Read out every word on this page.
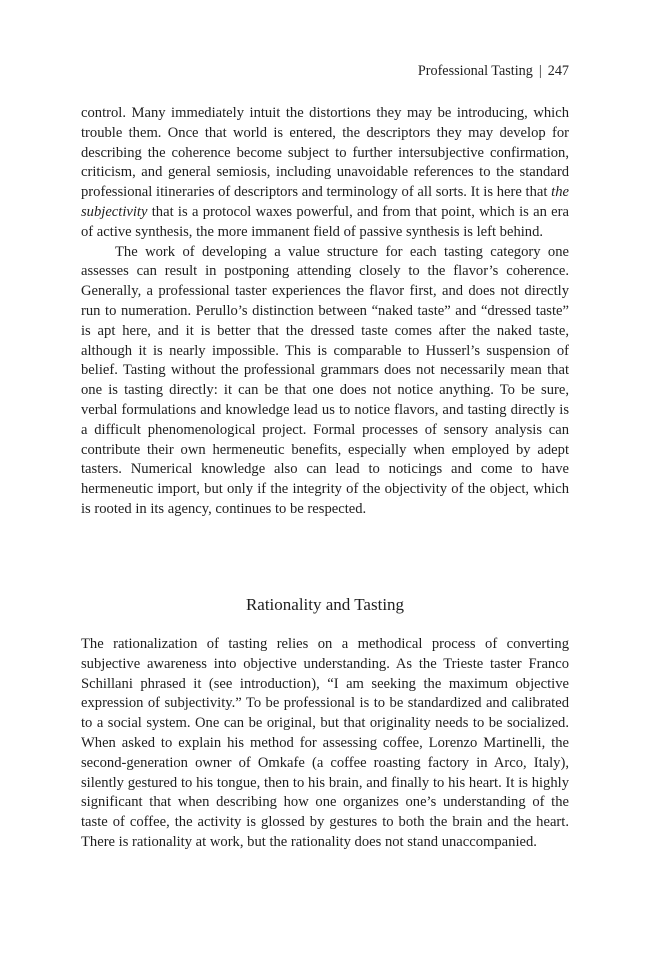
Professional Tasting | 247

control. Many immediately intuit the distortions they may be introducing, which trouble them. Once that world is entered, the descriptors they may develop for describing the coherence become subject to further intersubjective confirmation, criticism, and general semiosis, including unavoidable references to the standard professional itineraries of descriptors and terminology of all sorts. It is here that the subjectivity that is a protocol waxes powerful, and from that point, which is an era of active synthesis, the more immanent field of passive synthesis is left behind.

The work of developing a value structure for each tasting category one assesses can result in postponing attending closely to the flavor’s coherence. Generally, a professional taster experiences the flavor first, and does not directly run to numeration. Perullo’s distinction between “naked taste” and “dressed taste” is apt here, and it is better that the dressed taste comes after the naked taste, although it is nearly impossible. This is comparable to Husserl’s suspension of belief. Tasting without the professional grammars does not necessarily mean that one is tasting directly: it can be that one does not notice anything. To be sure, verbal formulations and knowledge lead us to notice flavors, and tasting directly is a difficult phenomenological project. Formal processes of sensory analysis can contribute their own hermeneutic benefits, especially when employed by adept tasters. Numerical knowledge also can lead to noticings and come to have hermeneutic import, but only if the integrity of the objectivity of the object, which is rooted in its agency, continues to be respected.

Rationality and Tasting

The rationalization of tasting relies on a methodical process of converting subjective awareness into objective understanding. As the Trieste taster Franco Schillani phrased it (see introduction), “I am seeking the maximum objective expression of subjectivity.” To be professional is to be standardized and calibrated to a social system. One can be original, but that originality needs to be socialized. When asked to explain his method for assessing coffee, Lorenzo Martinelli, the second-generation owner of Omkafe (a coffee roasting factory in Arco, Italy), silently gestured to his tongue, then to his brain, and finally to his heart. It is highly significant that when describing how one organizes one’s understanding of the taste of coffee, the activity is glossed by gestures to both the brain and the heart. There is rationality at work, but the rationality does not stand unaccompanied.
